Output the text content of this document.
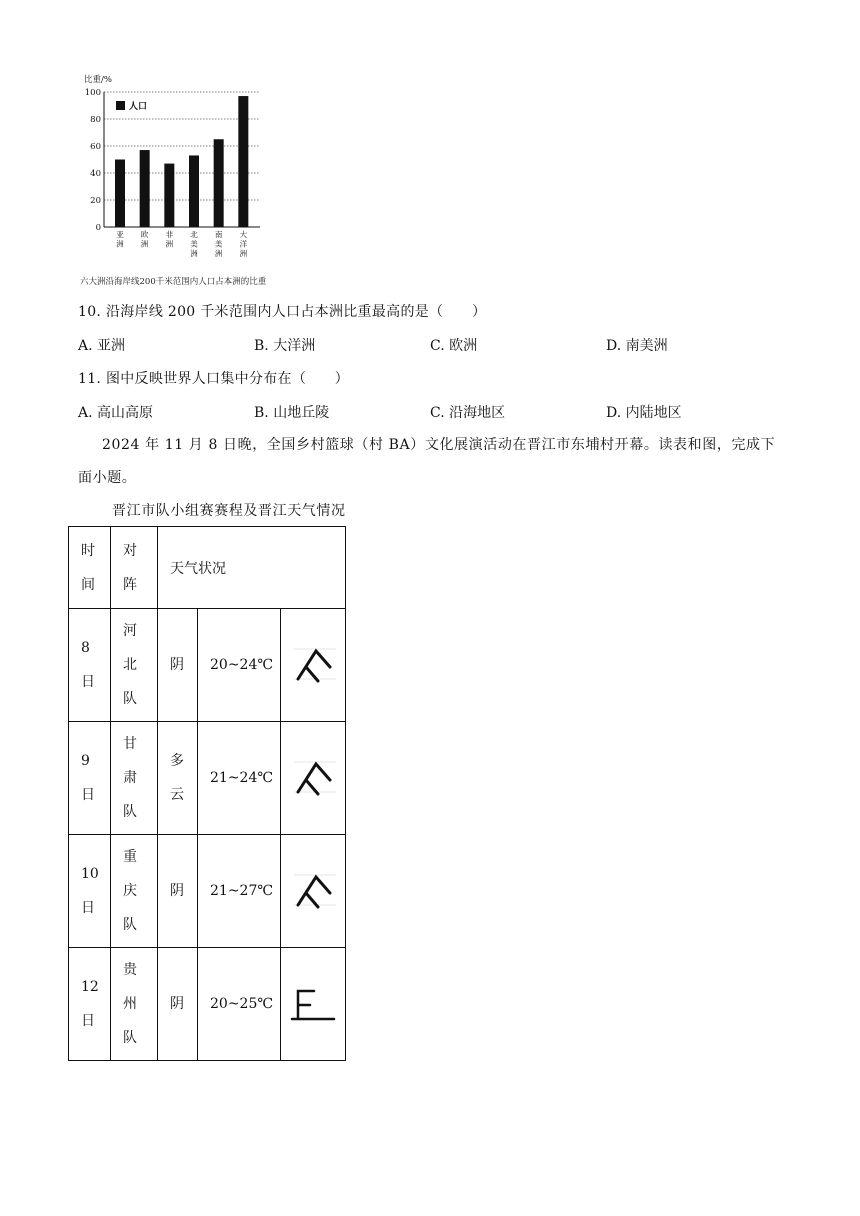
比重/%
0
20
40
60
80
100
亚
洲
欧
洲
非
洲
北
美
洲
南
美
洲
大
洋
洲
人口
六大洲沿海岸线200千米范围内人口占本洲的比重
10. 沿海岸线 200 千米范围内人口占本洲比重最高的是（　　）
A. 亚洲	B. 大洋洲	C. 欧洲	D. 南美洲
11. 图中反映世界人口集中分布在（　　）
A. 高山高原	B. 山地丘陵	C. 沿海地区	D. 内陆地区
2024 年 11 月 8 日晚，全国乡村篮球（村 BA）文化展演活动在晋江市东埔村开幕。读表和图，完成下
面小题。
晋江市队小组赛赛程及晋江天气情况
时
间	对
阵	天气状况		

8
日	河
北
队	阴	20~24℃	

9
日	甘
肃
队	多
云	21~24℃	

10
日	重
庆
队	阴	21~27℃	

12
日	贵
州
队	阴	20~25℃	
